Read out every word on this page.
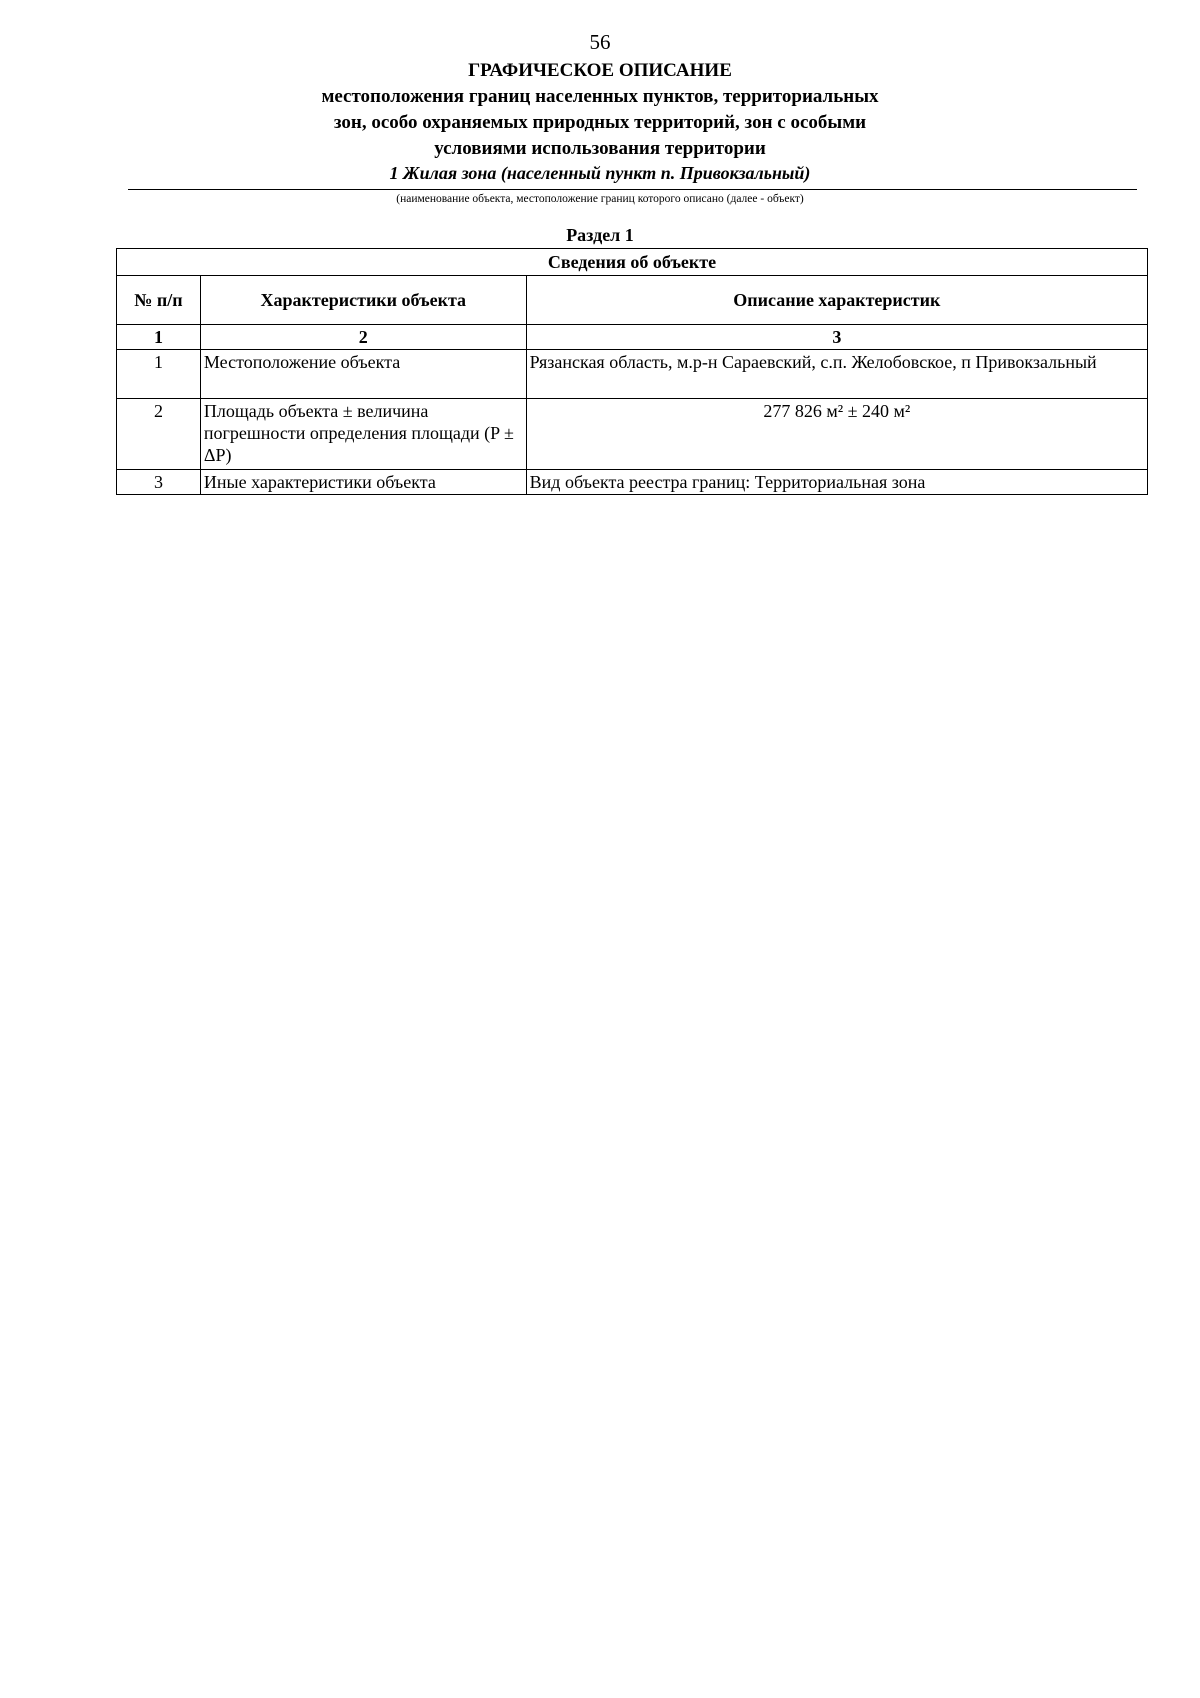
56
ГРАФИЧЕСКОЕ ОПИСАНИЕ
местоположения границ населенных пунктов, территориальных
зон, особо охраняемых природных территорий, зон с особыми
условиями использования территории
1 Жилая зона (населенный пункт п. Привокзальный)
(наименование объекта, местоположение границ которого описано (далее - объект)
Раздел 1
Сведения об объекте		
№ п/п	Характеристики объекта	Описание характеристик
1	2	3
1	Местоположение объекта	Рязанская область, м.р-н Сараевский, с.п. Желобовское, п Привокзальный
2	Площадь объекта ± величина погрешности определения площади (P ± ΔP)	277 826 м² ± 240 м²
3	Иные характеристики объекта	Вид объекта реестра границ: Территориальная зона
